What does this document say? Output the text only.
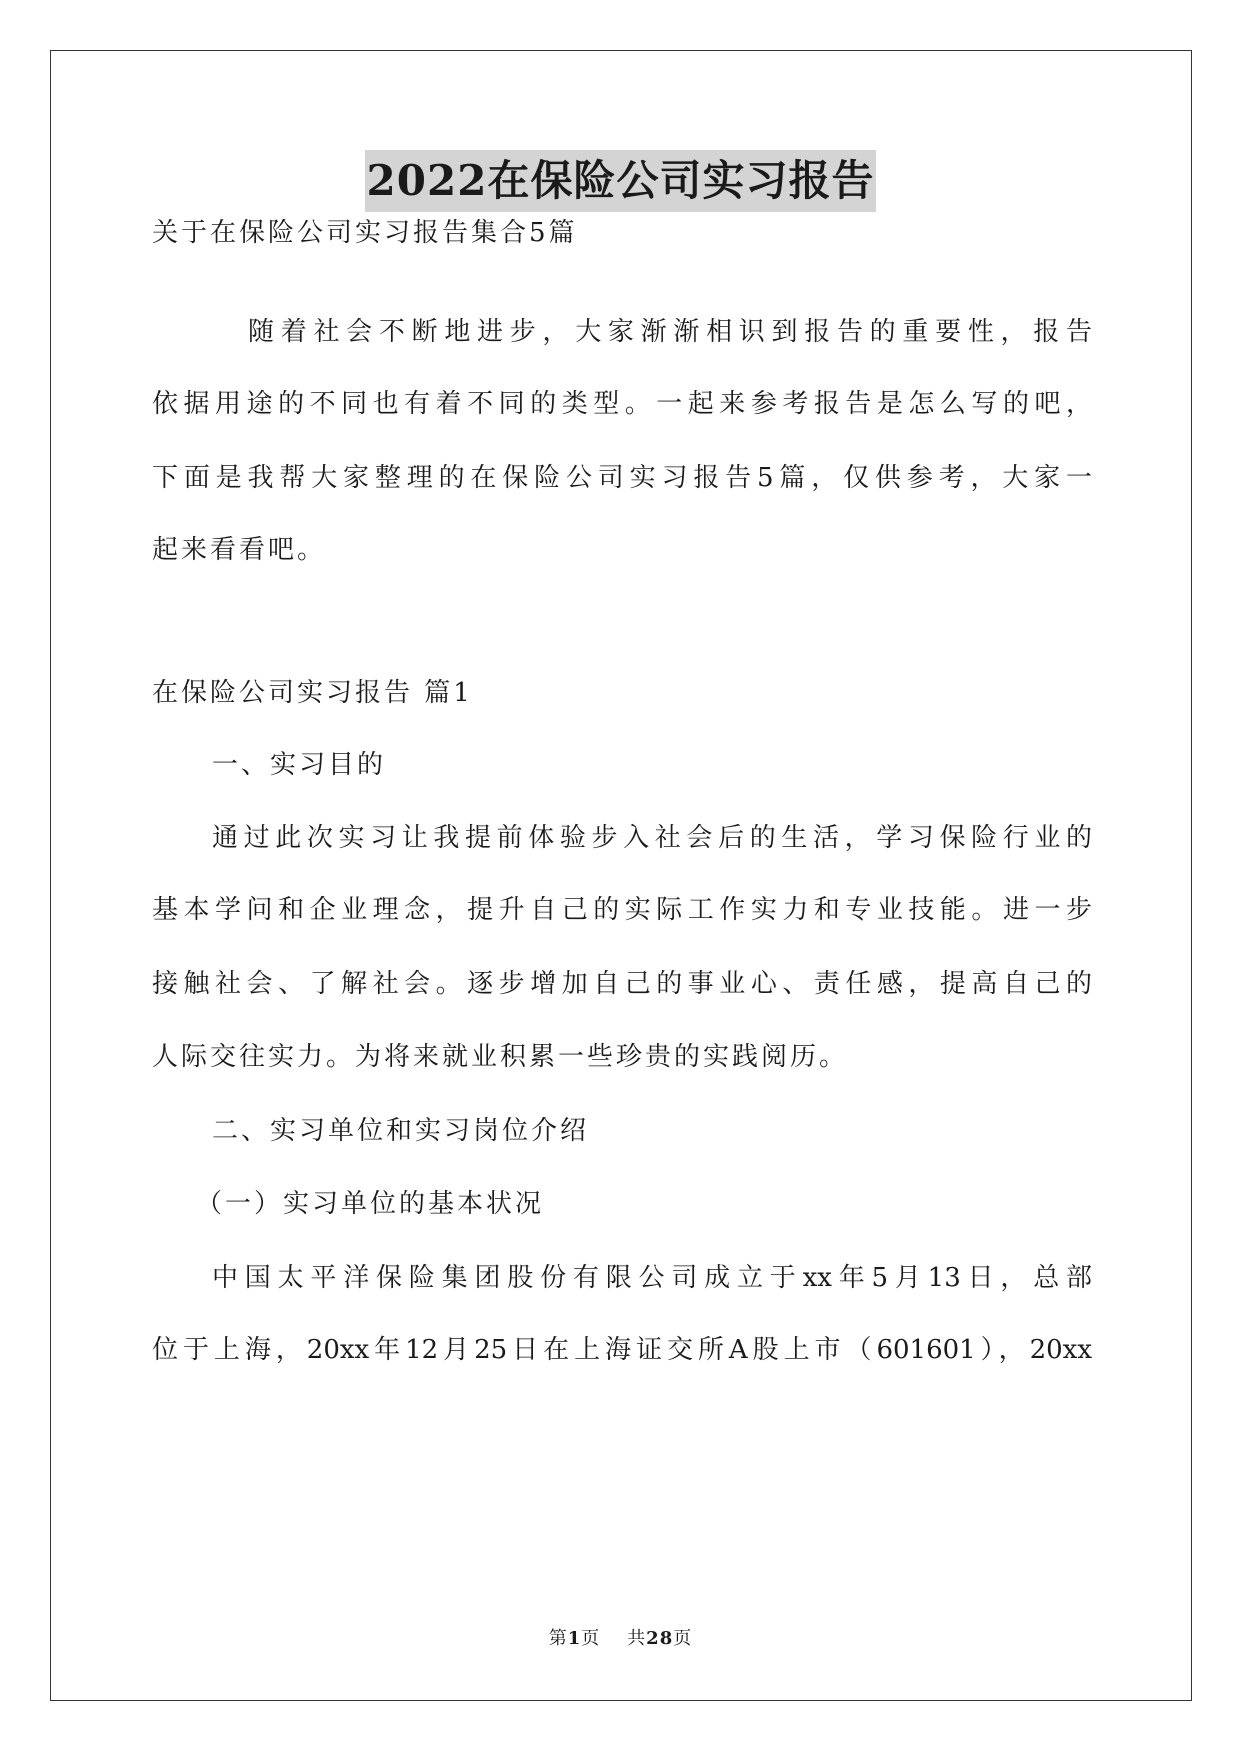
2022在保险公司实习报告
关于在保险公司实习报告集合5篇
随着社会不断地进步，大家渐渐相识到报告的重要性，报告
依据用途的不同也有着不同的类型。一起来参考报告是怎么写的吧，
下面是我帮大家整理的在保险公司实习报告5篇，仅供参考，大家一
起来看看吧。
在保险公司实习报告 篇1
一、实习目的
通过此次实习让我提前体验步入社会后的生活，学习保险行业的
基本学问和企业理念，提升自己的实际工作实力和专业技能。进一步
接触社会、了解社会。逐步增加自己的事业心、责任感，提高自己的
人际交往实力。为将来就业积累一些珍贵的实践阅历。
二、实习单位和实习岗位介绍
（一）实习单位的基本状况
中国太平洋保险集团股份有限公司成立于xx年5月13日，总部
位于上海，20xx年12月25日在上海证交所A股上市（601601），20xx
第1页    共28页
